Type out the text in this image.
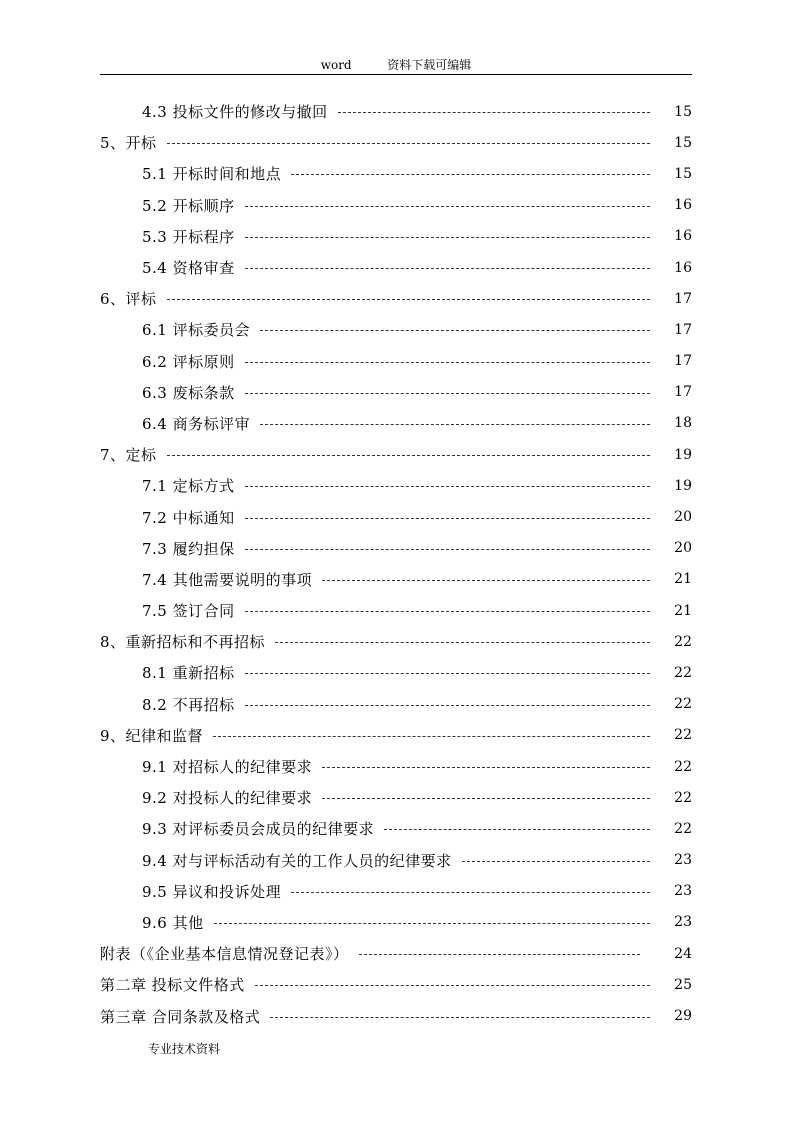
word	资料下载可编辑
4.3 投标文件的修改与撤回	15
5、开标	15
5.1 开标时间和地点	15
5.2 开标顺序	16
5.3 开标程序	16
5.4 资格审查	16
6、评标	17
6.1 评标委员会	17
6.2 评标原则	17
6.3 废标条款	17
6.4 商务标评审	18
7、定标	19
7.1 定标方式	19
7.2 中标通知	20
7.3 履约担保	20
7.4 其他需要说明的事项	21
7.5 签订合同	21
8、重新招标和不再招标	22
8.1 重新招标	22
8.2 不再招标	22
9、纪律和监督	22
9.1 对招标人的纪律要求	22
9.2 对投标人的纪律要求	22
9.3 对评标委员会成员的纪律要求	22
9.4 对与评标活动有关的工作人员的纪律要求	23
9.5 异议和投诉处理	23
9.6 其他	23
附表（《企业基本信息情况登记表》）	24
第二章 投标文件格式	25
第三章 合同条款及格式	29
专业技术资料
